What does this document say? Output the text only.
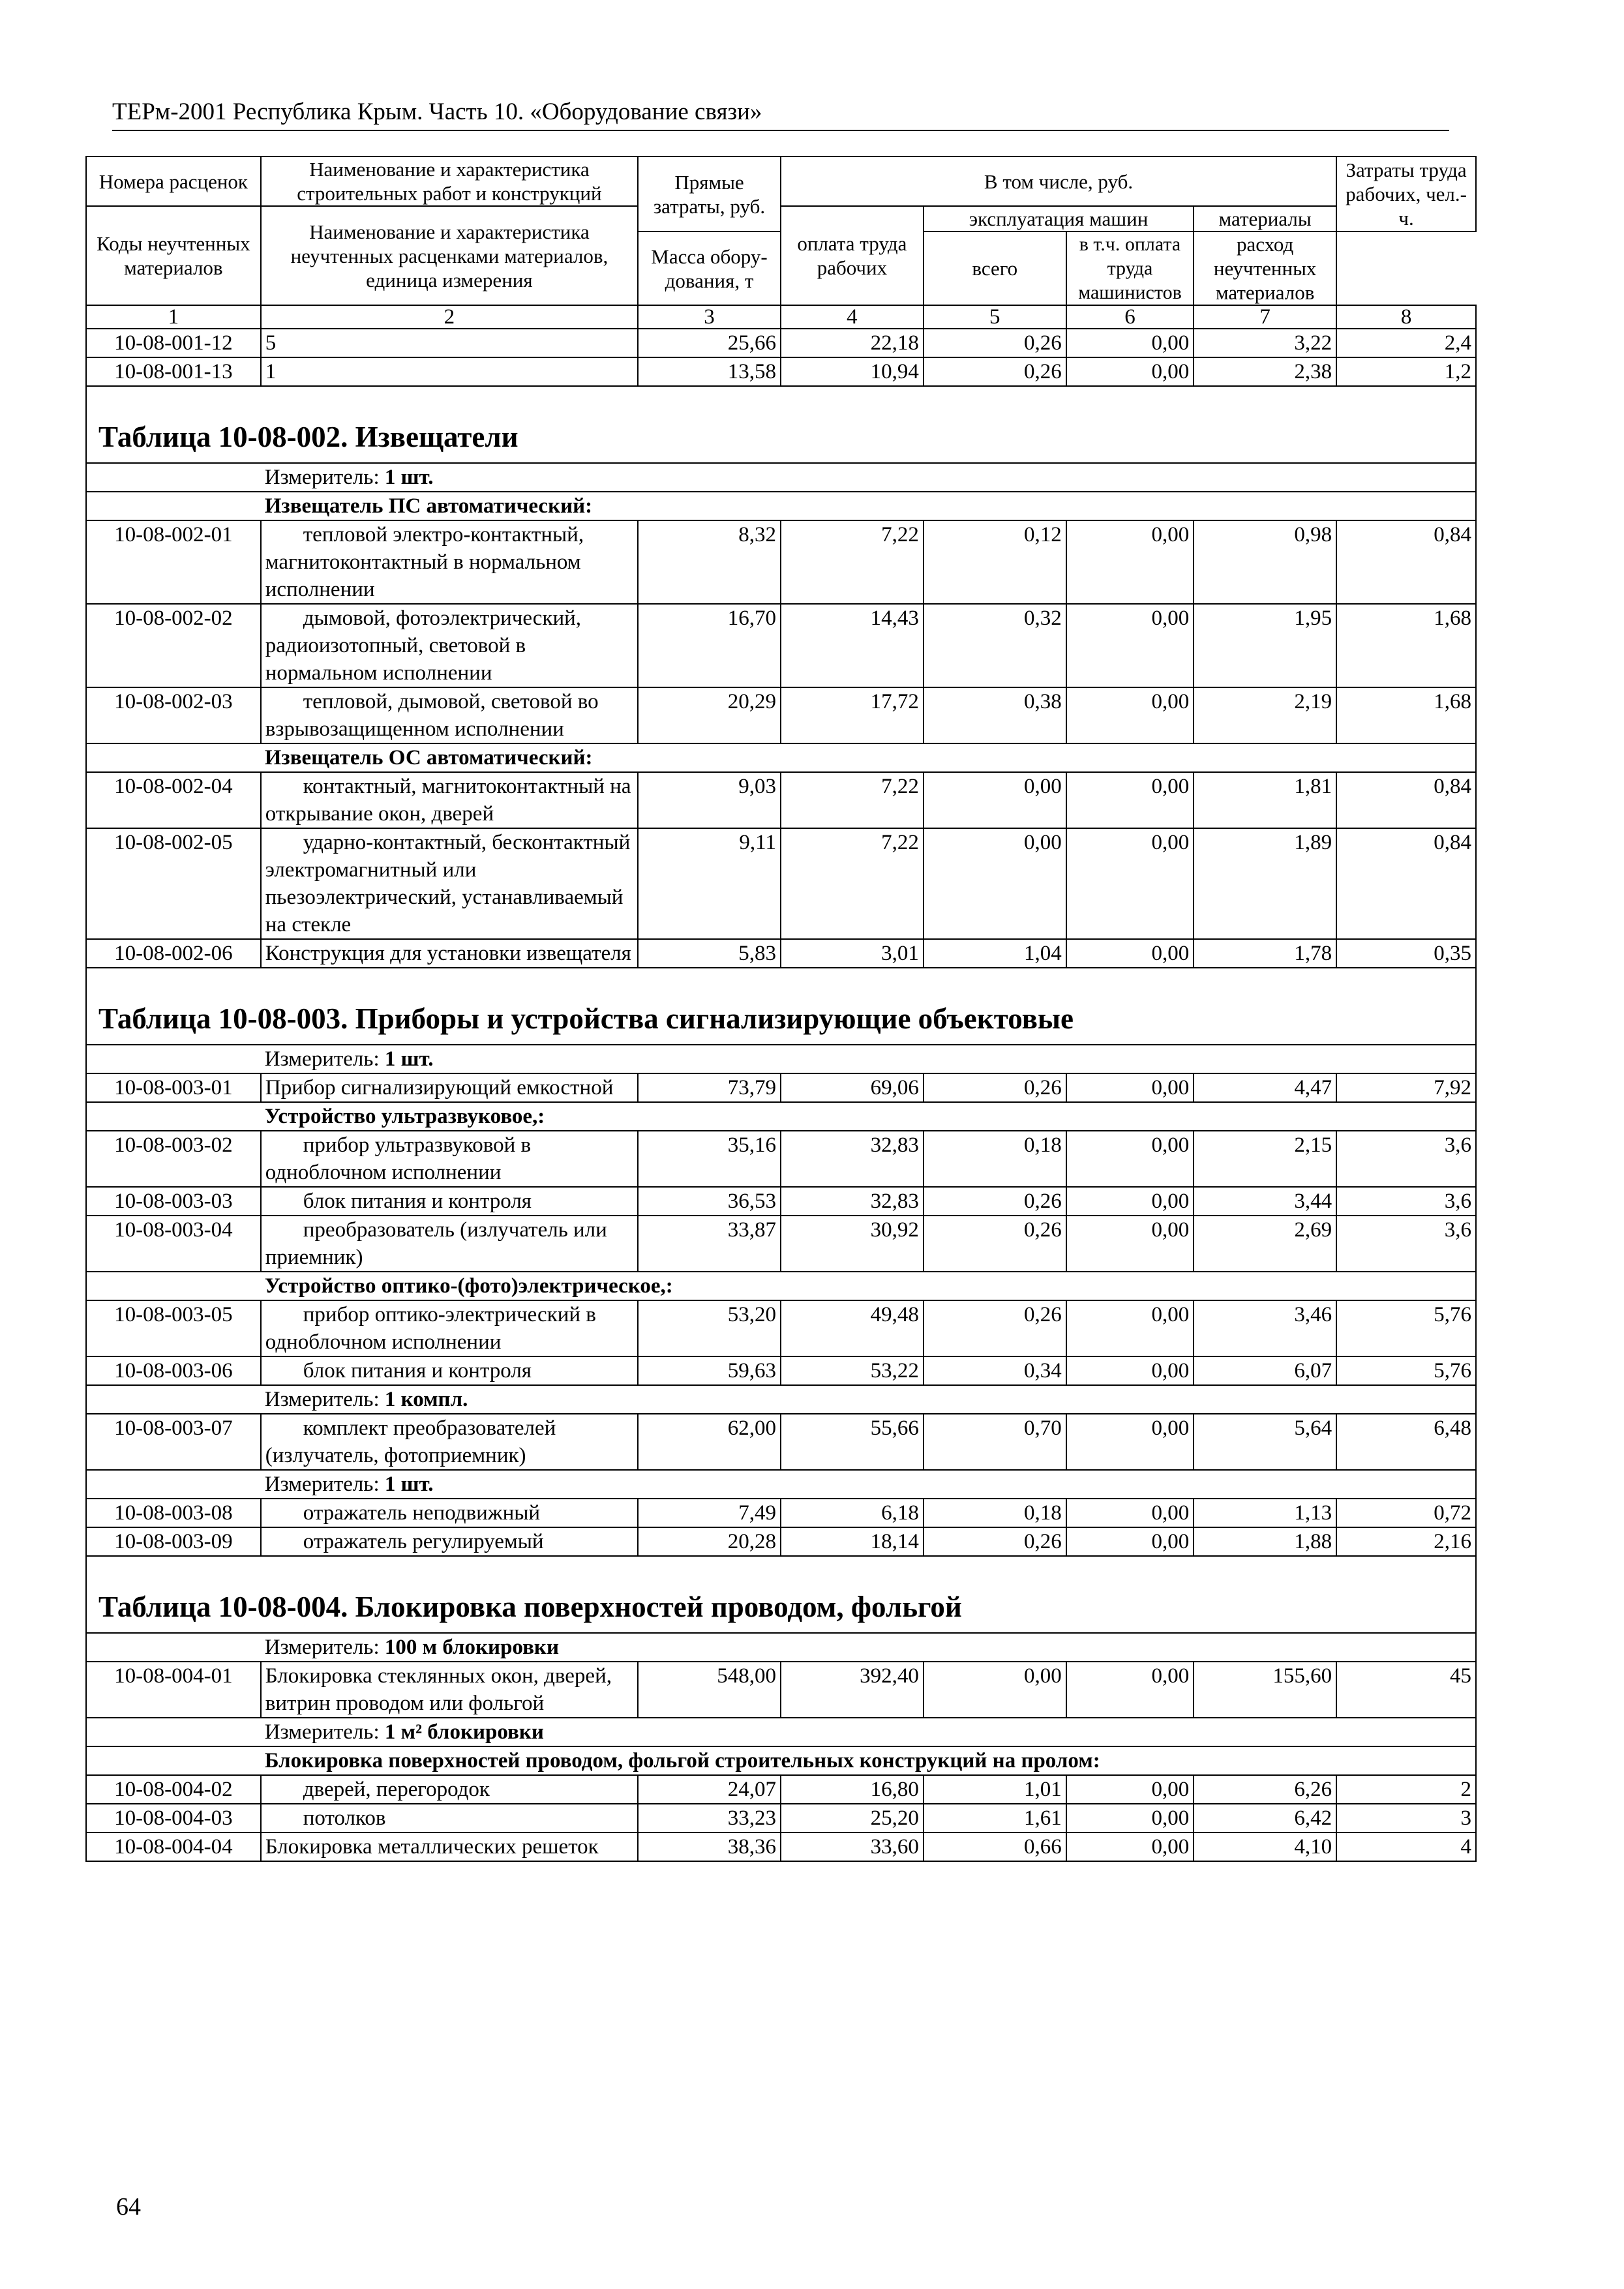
ТЕРм-2001 Республика Крым. Часть 10. «Оборудование связи»
Номера расценок	Наименование и характеристика строительных работ и конструкций	Прямые затраты, руб.	В том числе, руб.				Затраты труда рабочих, чел.-ч.
Коды неучтенных материалов	Наименование и характеристика неучтенных расценками материалов, единица измерения		оплата труда рабочих	эксплуатация машин		материалы	
				всего	в т.ч. оплата труда машинистов	расход неучтенных материалов	
		Масса обору-дования, т					
1	2	3	4	5	6	7	8
10-08-001-12	5	25,66	22,18	0,26	0,00	3,22	2,4
10-08-001-13	1	13,58	10,94	0,26	0,00	2,38	1,2

Таблица 10-08-002. Извещатели							

	Измеритель: 1 шт.						
	Извещатель ПС автоматический:						
10-08-002-01	тепловой электро-контактный, магнитоконтактный в нормальном исполнении	8,32	7,22	0,12	0,00	0,98	0,84
10-08-002-02	дымовой, фотоэлектрический, радиоизотопный, световой в нормальном исполнении	16,70	14,43	0,32	0,00	1,95	1,68
10-08-002-03	тепловой, дымовой, световой во взрывозащищенном исполнении	20,29	17,72	0,38	0,00	2,19	1,68
	Извещатель ОС автоматический:						
10-08-002-04	контактный, магнитоконтактный на открывание окон, дверей	9,03	7,22	0,00	0,00	1,81	0,84
10-08-002-05	ударно-контактный, бесконтактный электромагнитный или пьезоэлектрический, устанавливаемый на стекле	9,11	7,22	0,00	0,00	1,89	0,84
10-08-002-06	Конструкция для установки извещателя	5,83	3,01	1,04	0,00	1,78	0,35

Таблица 10-08-003. Приборы и устройства сигнализирующие объектовые							

	Измеритель: 1 шт.						
10-08-003-01	Прибор сигнализирующий емкостной	73,79	69,06	0,26	0,00	4,47	7,92
	Устройство ультразвуковое,:						
10-08-003-02	прибор ультразвуковой в одноблочном исполнении	35,16	32,83	0,18	0,00	2,15	3,6
10-08-003-03	блок питания и контроля	36,53	32,83	0,26	0,00	3,44	3,6
10-08-003-04	преобразователь (излучатель или приемник)	33,87	30,92	0,26	0,00	2,69	3,6
	Устройство оптико-(фото)электрическое,:						
10-08-003-05	прибор оптико-электрический в одноблочном исполнении	53,20	49,48	0,26	0,00	3,46	5,76
10-08-003-06	блок питания и контроля	59,63	53,22	0,34	0,00	6,07	5,76
	Измеритель: 1 компл.						
10-08-003-07	комплект преобразователей (излучатель, фотоприемник)	62,00	55,66	0,70	0,00	5,64	6,48
	Измеритель: 1 шт.						
10-08-003-08	отражатель неподвижный	7,49	6,18	0,18	0,00	1,13	0,72
10-08-003-09	отражатель регулируемый	20,28	18,14	0,26	0,00	1,88	2,16

Таблица 10-08-004. Блокировка поверхностей проводом, фольгой							

	Измеритель: 100 м блокировки						
10-08-004-01	Блокировка стеклянных окон, дверей, витрин проводом или фольгой	548,00	392,40	0,00	0,00	155,60	45
	Измеритель: 1 м² блокировки						
	Блокировка поверхностей проводом, фольгой строительных конструкций на пролом:						
10-08-004-02	дверей, перегородок	24,07	16,80	1,01	0,00	6,26	2
10-08-004-03	потолков	33,23	25,20	1,61	0,00	6,42	3
10-08-004-04	Блокировка металлических решеток	38,36	33,60	0,66	0,00	4,10	4
64
